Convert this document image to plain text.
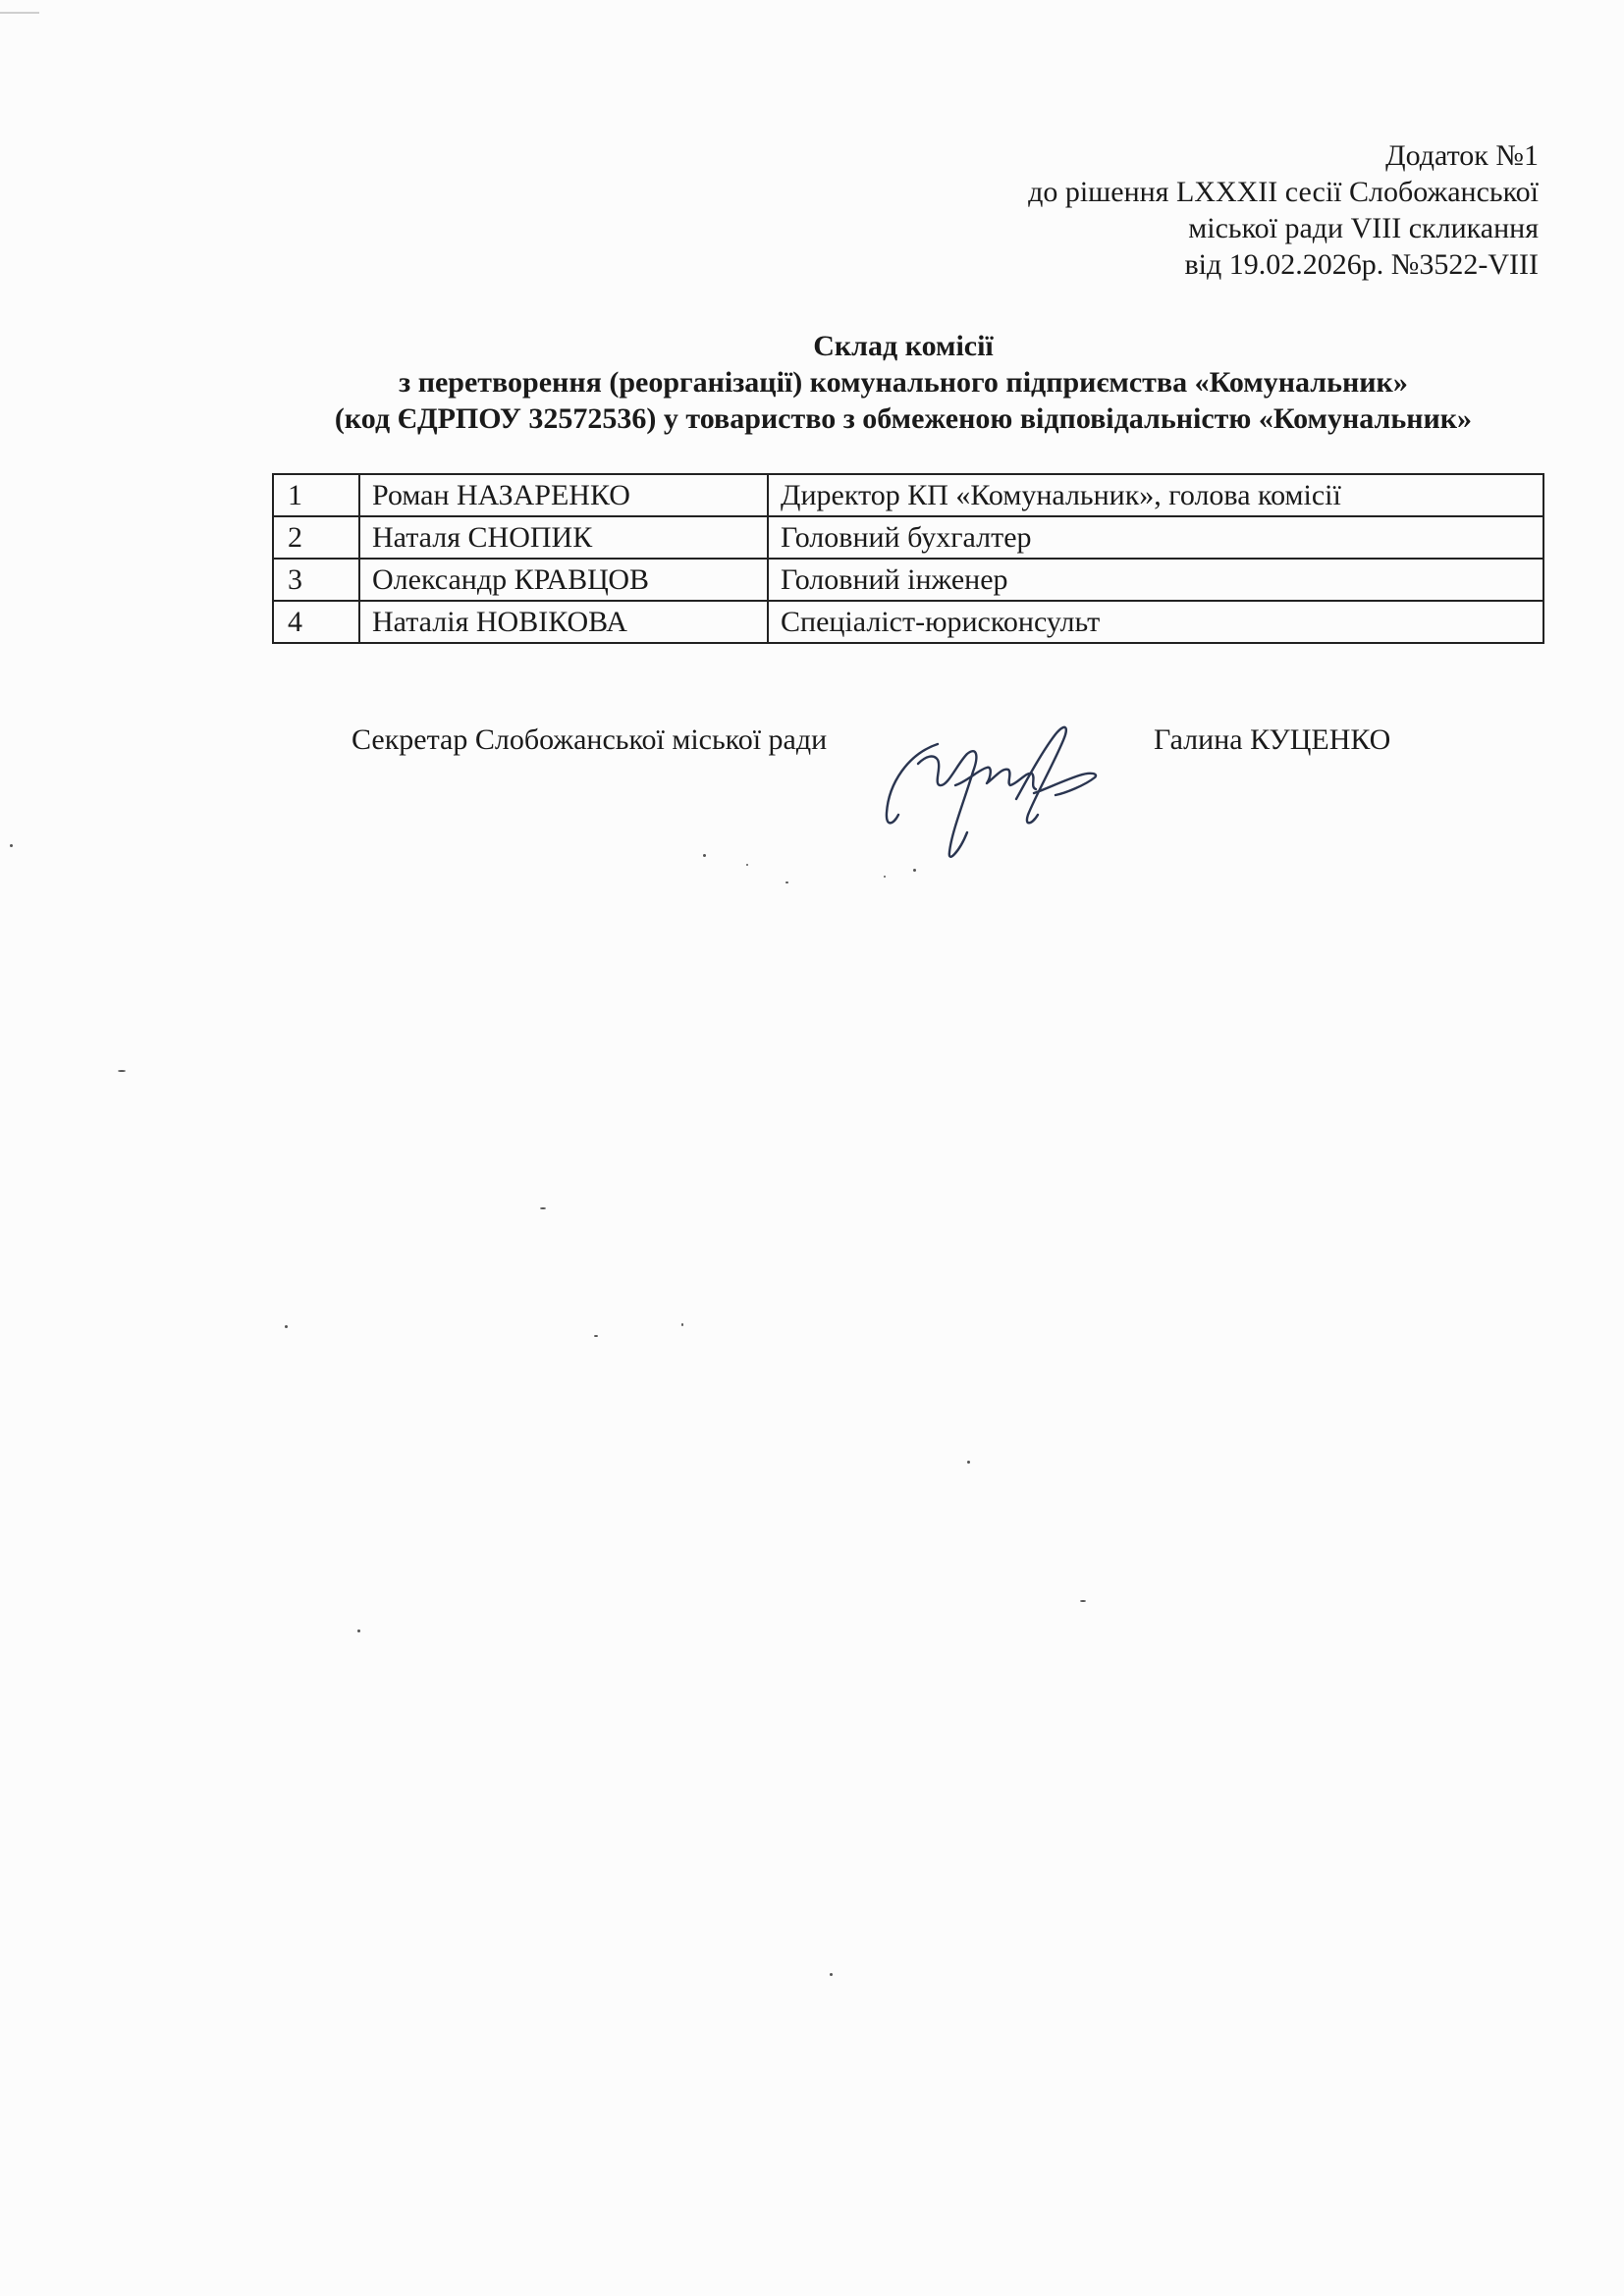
Додаток №1
до рішення LXXXII сесії Слобожанської
міської ради VIII скликання
від 19.02.2026р. №3522-VIII
Склад комісії
з перетворення (реорганізації) комунального підприємства «Комунальник»
(код ЄДРПОУ 32572536) у товариство з обмеженою відповідальністю «Комунальник»
1	Роман НАЗАРЕНКО	Директор КП «Комунальник», голова комісії
2	Наталя СНОПИК	Головний бухгалтер
3	Олександр КРАВЦОВ	Головний інженер
4	Наталія НОВІКОВА	Спеціаліст-юрисконсульт
Секретар Слобожанської міської ради	Галина КУЦЕНКО
